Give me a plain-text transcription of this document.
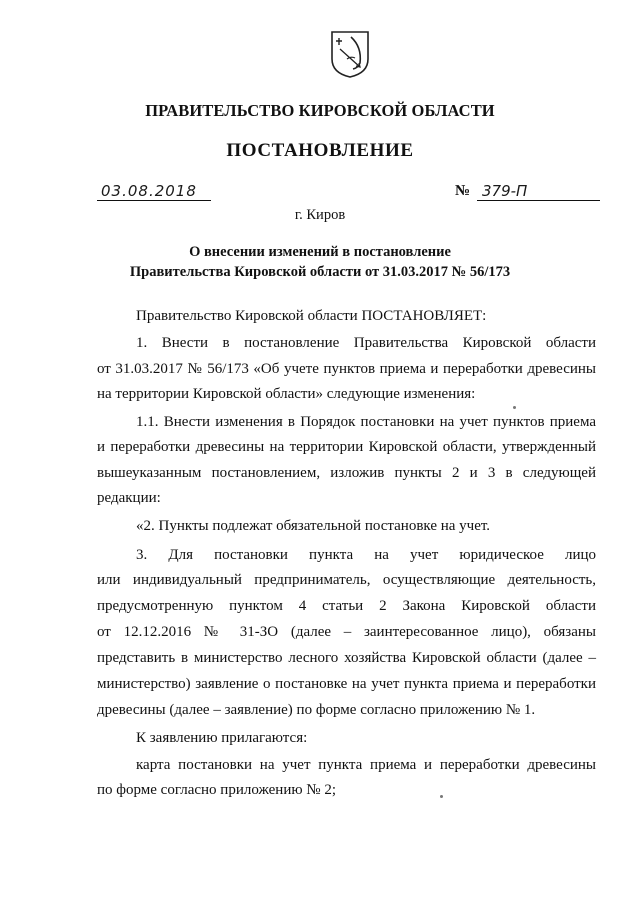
ПРАВИТЕЛЬСТВО КИРОВСКОЙ ОБЛАСТИ
ПОСТАНОВЛЕНИЕ
03.08.2018	№ 379-П
г. Киров
О внесении изменений в постановление
Правительства Кировской области от 31.03.2017 № 56/173
Правительство Кировской области ПОСТАНОВЛЯЕТ:
1. Внести в постановление Правительства Кировской области
от 31.03.2017 № 56/173 «Об учете пунктов приема и переработки древесины
на территории Кировской области» следующие изменения:
1.1. Внести изменения в Порядок постановки на учет пунктов приема
и переработки древесины на территории Кировской области, утвержденный
вышеуказанным постановлением, изложив пункты 2 и 3 в следующей
редакции:
«2. Пункты подлежат обязательной постановке на учет.
3. Для постановки пункта на учет юридическое лицо
или индивидуальный предприниматель, осуществляющие деятельность,
предусмотренную пунктом 4 статьи 2 Закона Кировской области
от 12.12.2016 № 31-ЗО (далее – заинтересованное лицо), обязаны
представить в министерство лесного хозяйства Кировской области (далее –
министерство) заявление о постановке на учет пункта приема и переработки
древесины (далее – заявление) по форме согласно приложению № 1.
К заявлению прилагаются:
карта постановки на учет пункта приема и переработки древесины
по форме согласно приложению № 2;
